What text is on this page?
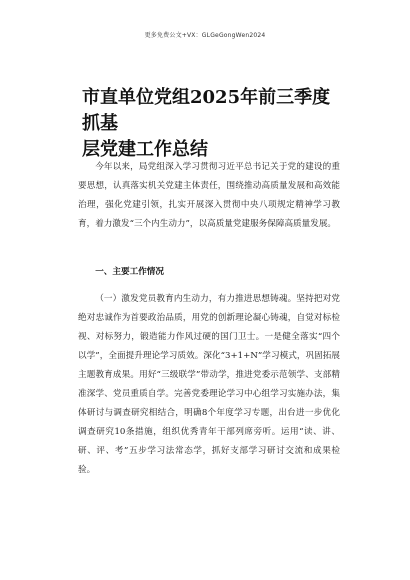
更多免费公文+VX：GLGeGongWen2024
市直单位党组2025年前三季度抓基
层党建工作总结

今年以来，局党组深入学习贯彻习近平总书记关于党的建设的重要思想，认真落实机关党建主体责任，围绕推动高质量发展和高效能治理，强化党建引领，扎实开展深入贯彻中央八项规定精神学习教育，着力激发“三个内生动力”，以高质量党建服务保障高质量发展。

一、主要工作情况

（一）激发党员教育内生动力，有力推进思想铸魂。坚持把对党绝对忠诚作为首要政治品质，用党的创新理论凝心铸魂，自觉对标检视、对标努力，锻造能力作风过硬的国门卫士。一是健全落实“四个以学”，全面提升理论学习质效。深化“3+1+N”学习模式，巩固拓展主题教育成果。用好“三级联学”带动学，推进党委示范领学、支部精准深学、党员重质自学。完善党委理论学习中心组学习实施办法，集体研讨与调查研究相结合，明确8个年度学习专题，出台进一步优化调查研究10条措施，组织优秀青年干部列席旁听。运用“读、讲、研、评、考”五步学习法常态学，抓好支部学习研讨交流和成果检验。
